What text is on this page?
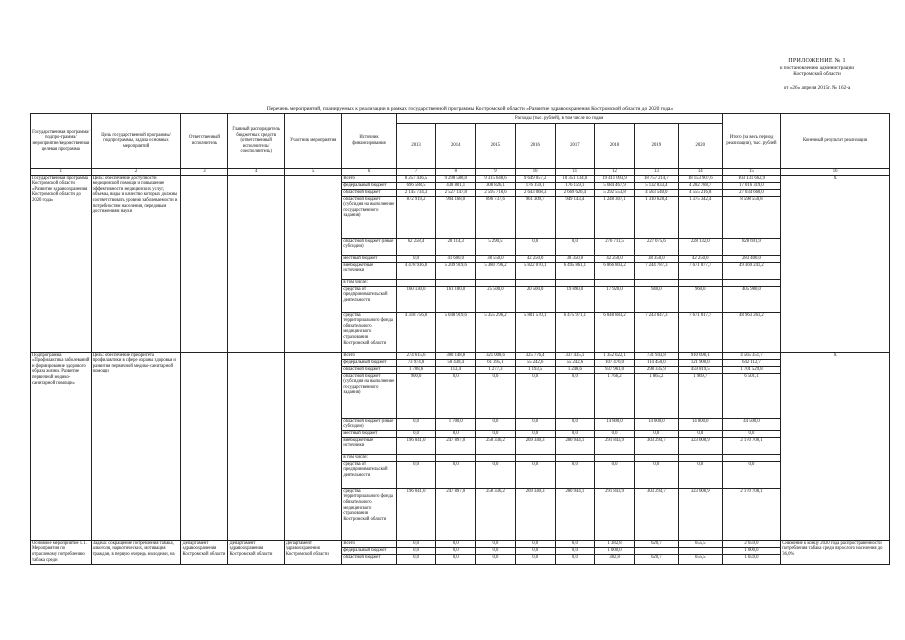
ПРИЛОЖЕНИЕ № 1
к постановлению администрации
Костромской области
от «26» апреля 2015г. № 162-а
Перечень мероприятий, планируемых к реализации в рамках государственной программы Костромской области «Развитие здравоохранения Костромской области до 2020 года»
Государственная программа/подпро-грамма/мероприятие/ведомственная целевая программа	Цель государственной программы/подпрограммы, задача основных мероприятий	Ответственный исполнитель	Главный распорядитель бюджетных средств (ответственный исполнитель/соисполнитель)	Участник мероприятия	Источник финансирования	Расходы (тыс. рублей), в том числе по годам								Итого (за весь период реализации), тыс. рублей	Конечный результат реализации
						2013	2014	2015	2016	2017	2018	2019	2020		
1	2	3	4	5	6	7	8	9	10	11	12	13	14	15	16
Государственная программа Костромской области «Развитие здравоохранения Костромской области до 2020 года»	Цель: обеспечение доступности медицинской помощи и повышение эффективности медицинских услуг, объемы, виды и качество которых должны соответствовать уровню заболеваемости и потребностям населения, передовым достижениям науки				Всего	8 257 436,5	9 298 580,8	9 315 648,6	9 649 057,2	10 351 134,0	19 411 093,9	18 757 214,7	18 153 907,6	103 131 662,9	X
					федеральный бюджет	696 588,5	438 801,1	308 826,1	176 159,1	176 159,1	5 684 467,9	5 132 833,4	4 282 788,7	17 016 319,0	
					областной бюджет	2 145 734,3	2 527 147,8	2 595 718,6	2 643 068,3	2 669 620,4	5 292 553,8	4 583 540,0	4 555 216,8	27 034 660,0	
					областной бюджет (субсидия на выполнение государственного задания)	872 919,2	994 168,0	896 737,6	961 309,7	949 143,4	1 248 307,1	1 310 628,4	1 375 342,4	8 598 550,8	
					областной бюджет (иные субсидии)	62 258,4	28 114,3	5 290,5	0,0	0,0	276 711,5	227 075,6	228 132,0	828 691,9	
					местный бюджет	0,0	41 600,0	38 550,0	42 250,0	38 350,0	42 250,0	38 350,0	42 250,0	283 400,0	
					внебюджетные источники	4 478 936,0	5 209 919,6	5 380 796,2	5 822 070,1	6 495 861,1	6 866 803,2	7 244 787,3	7 671 077,7	49 369 241,2	
					в том числе:										
					средства от предпринимательской деятельности	160 130,0	161 100,0	25 500,0	20 500,0	19 890,0	17 920,0	940,0	960,0	405 980,0	
					средства территориального фонда обязательного медицинского страхования Костромской области	4 318 756,0	5 048 919,6	5 355 296,2	5 801 570,1	6 475 971,1	6 848 883,2	7 243 847,3	7 671 017,7	48 963 261,2	
Подпрограмма «Профилактика заболеваний и формирование здорового образа жизни. Развитие первичной медико-санитарной помощи»	Цель: обеспечение приоритета профилактики в сфере охраны здоровья и развития первичной медико-санитарной помощи				Всего	274 615,6	300 148,8	321 008,6	325 776,4	337 435,1	1 352 622,1	731 943,8	910 698,1	4 565 351,7	X
					федеральный бюджет	73 974,8	50 438,4	61 395,1	55 242,6	55 242,6	107 470,0	114 450,0	121 900,0	642 112,7	
					областной бюджет	1 708,6	113,4	1 277,3	1 193,5	1 248,6	937 961,0	298 335,9	459 819,5	1 701 529,8	
					областной бюджет (субсидия на выполнение государственного задания)	900,0	0,0	0,0	0,0	0,0	1 766,2	1 865,2	1 969,7	6 501,1	
					областной бюджет (иные субсидии)	0,0	1 700,0	0,0	0,0	0,0	14 800,0	14 000,0	14 000,0	44 500,0	
					местный бюджет	0,0	0,0	0,0	0,0	0,0	0,0	0,0	0,0	0,0	
					внебюджетные источники	196 041,0	247 897,0	258 336,2	269 340,3	280 944,1	291 843,9	303 294,7	323 008,9	2 170 708,1	
					в том числе:										
					средства от предпринимательской деятельности	0,0	0,0	0,0	0,0	0,0	0,0	0,0	0,0	0,0	
					средства территориального фонда обязательного медицинского страхования Костромской области	196 041,0	247 897,0	258 336,2	269 340,3	280 944,1	291 843,9	303 294,7	323 008,9	2 170 708,1	
Основное мероприятие 1.1. Мероприятия по отраслевому потреблению табака среди	Задача: сокращение потребления табака, алкоголя, наркотических, мотивация граждан, в первую очередь молодежи, на	Департамент здравоохранения Костромской области	Департамент здравоохранения Костромской области	Департамент здравоохранения Костромской области	Всего	0,0	0,0	0,0	0,0	0,0	1 382,8	620,7	655,5	2 659,0	Снижение к концу 2020 года распространенности потребления табака среди взрослого населения до 36,0%
					федеральный бюджет	0,0	0,0	0,0	0,0	0,0	1 000,0			1 000,0	
					областной бюджет	0,0	0,0	0,0	0,0	0,0	382,8	620,7	655,5	1 659,0	
